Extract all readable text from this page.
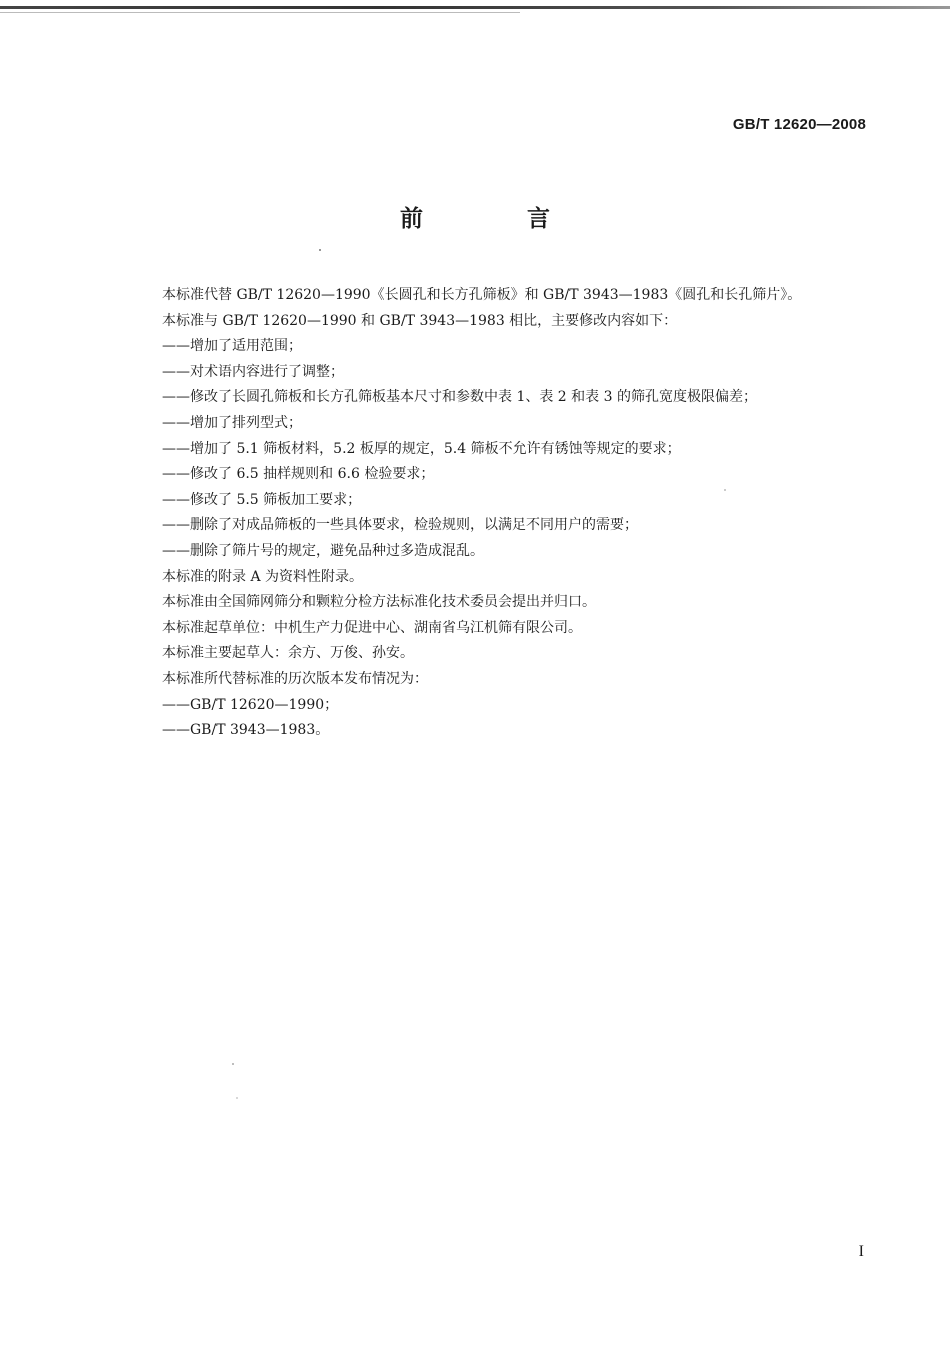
GB/T 12620—2008
前 言
本标准代替 GB/T 12620—1990《长圆孔和长方孔筛板》和 GB/T 3943—1983《圆孔和长孔筛片》。
本标准与 GB/T 12620—1990 和 GB/T 3943—1983 相比，主要修改内容如下：
——增加了适用范围；
——对术语内容进行了调整；
——修改了长圆孔筛板和长方孔筛板基本尺寸和参数中表 1、表 2 和表 3 的筛孔宽度极限偏差；
——增加了排列型式；
——增加了 5.1 筛板材料，5.2 板厚的规定，5.4 筛板不允许有锈蚀等规定的要求；
——修改了 6.5 抽样规则和 6.6 检验要求；
——修改了 5.5 筛板加工要求；
——删除了对成品筛板的一些具体要求，检验规则，以满足不同用户的需要；
——删除了筛片号的规定，避免品种过多造成混乱。
本标准的附录 A 为资料性附录。
本标准由全国筛网筛分和颗粒分检方法标准化技术委员会提出并归口。
本标准起草单位：中机生产力促进中心、湖南省乌江机筛有限公司。
本标准主要起草人：余方、万俊、孙安。
本标准所代替标准的历次版本发布情况为：
——GB/T 12620—1990；
——GB/T 3943—1983。
I
